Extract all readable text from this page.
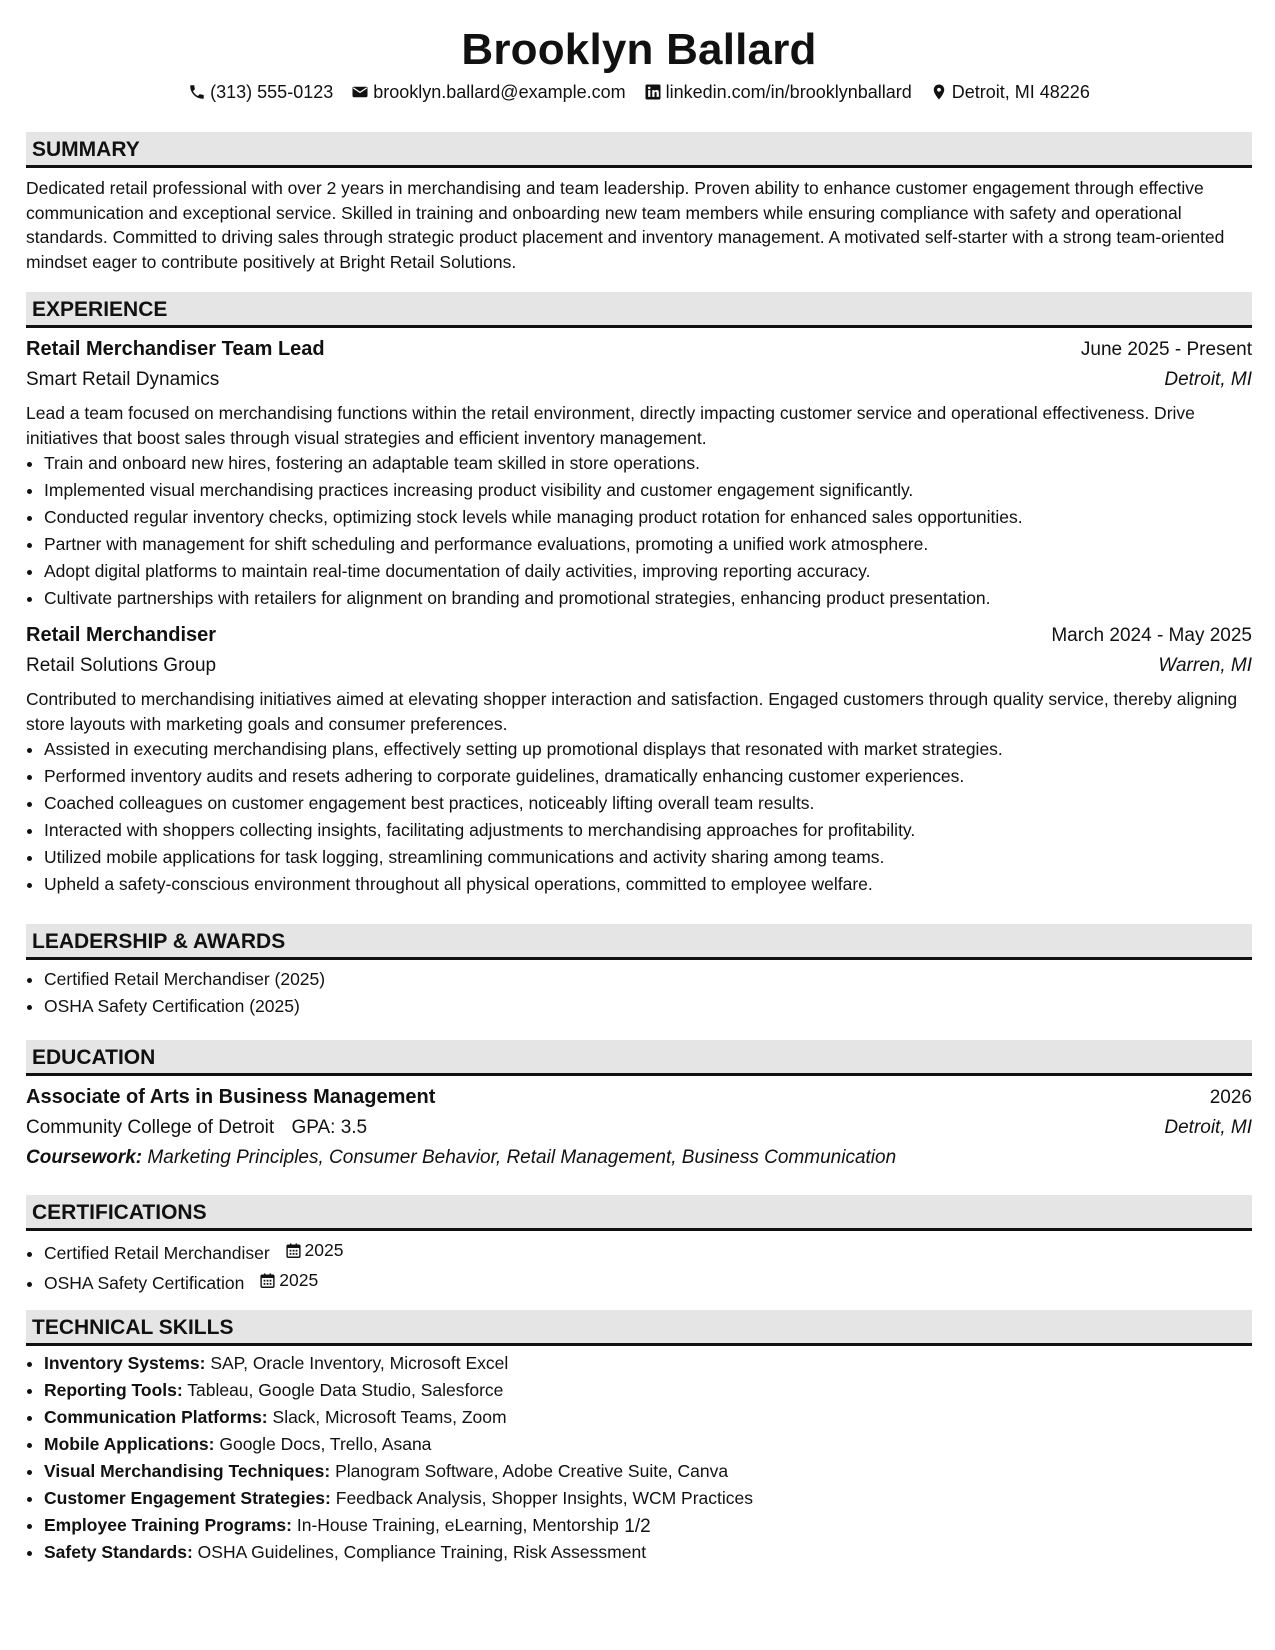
Brooklyn Ballard
(313) 555-0123 brooklyn.ballard@example.com linkedin.com/in/brooklynballard Detroit, MI 48226
SUMMARY
Dedicated retail professional with over 2 years in merchandising and team leadership. Proven ability to enhance customer engagement through effective communication and exceptional service. Skilled in training and onboarding new team members while ensuring compliance with safety and operational standards. Committed to driving sales through strategic product placement and inventory management. A motivated self-starter with a strong team-oriented mindset eager to contribute positively at Bright Retail Solutions.
EXPERIENCE
Retail Merchandiser Team Lead	June 2025 - Present
Smart Retail Dynamics	Detroit, MI
Lead a team focused on merchandising functions within the retail environment, directly impacting customer service and operational effectiveness. Drive initiatives that boost sales through visual strategies and efficient inventory management.
• Train and onboard new hires, fostering an adaptable team skilled in store operations.
• Implemented visual merchandising practices increasing product visibility and customer engagement significantly.
• Conducted regular inventory checks, optimizing stock levels while managing product rotation for enhanced sales opportunities.
• Partner with management for shift scheduling and performance evaluations, promoting a unified work atmosphere.
• Adopt digital platforms to maintain real-time documentation of daily activities, improving reporting accuracy.
• Cultivate partnerships with retailers for alignment on branding and promotional strategies, enhancing product presentation.
Retail Merchandiser	March 2024 - May 2025
Retail Solutions Group	Warren, MI
Contributed to merchandising initiatives aimed at elevating shopper interaction and satisfaction. Engaged customers through quality service, thereby aligning store layouts with marketing goals and consumer preferences.
• Assisted in executing merchandising plans, effectively setting up promotional displays that resonated with market strategies.
• Performed inventory audits and resets adhering to corporate guidelines, dramatically enhancing customer experiences.
• Coached colleagues on customer engagement best practices, noticeably lifting overall team results.
• Interacted with shoppers collecting insights, facilitating adjustments to merchandising approaches for profitability.
• Utilized mobile applications for task logging, streamlining communications and activity sharing among teams.
• Upheld a safety-conscious environment throughout all physical operations, committed to employee welfare.
LEADERSHIP & AWARDS
• Certified Retail Merchandiser (2025)
• OSHA Safety Certification (2025)
EDUCATION
Associate of Arts in Business Management	2026
Community College of Detroit GPA: 3.5	Detroit, MI
Coursework: Marketing Principles, Consumer Behavior, Retail Management, Business Communication
CERTIFICATIONS
• Certified Retail Merchandiser 2025
• OSHA Safety Certification 2025
TECHNICAL SKILLS
• Inventory Systems: SAP, Oracle Inventory, Microsoft Excel
• Reporting Tools: Tableau, Google Data Studio, Salesforce
• Communication Platforms: Slack, Microsoft Teams, Zoom
• Mobile Applications: Google Docs, Trello, Asana
• Visual Merchandising Techniques: Planogram Software, Adobe Creative Suite, Canva
• Customer Engagement Strategies: Feedback Analysis, Shopper Insights, WCM Practices
• Employee Training Programs: In-House Training, eLearning, Mentorship
• Safety Standards: OSHA Guidelines, Compliance Training, Risk Assessment
1/2
